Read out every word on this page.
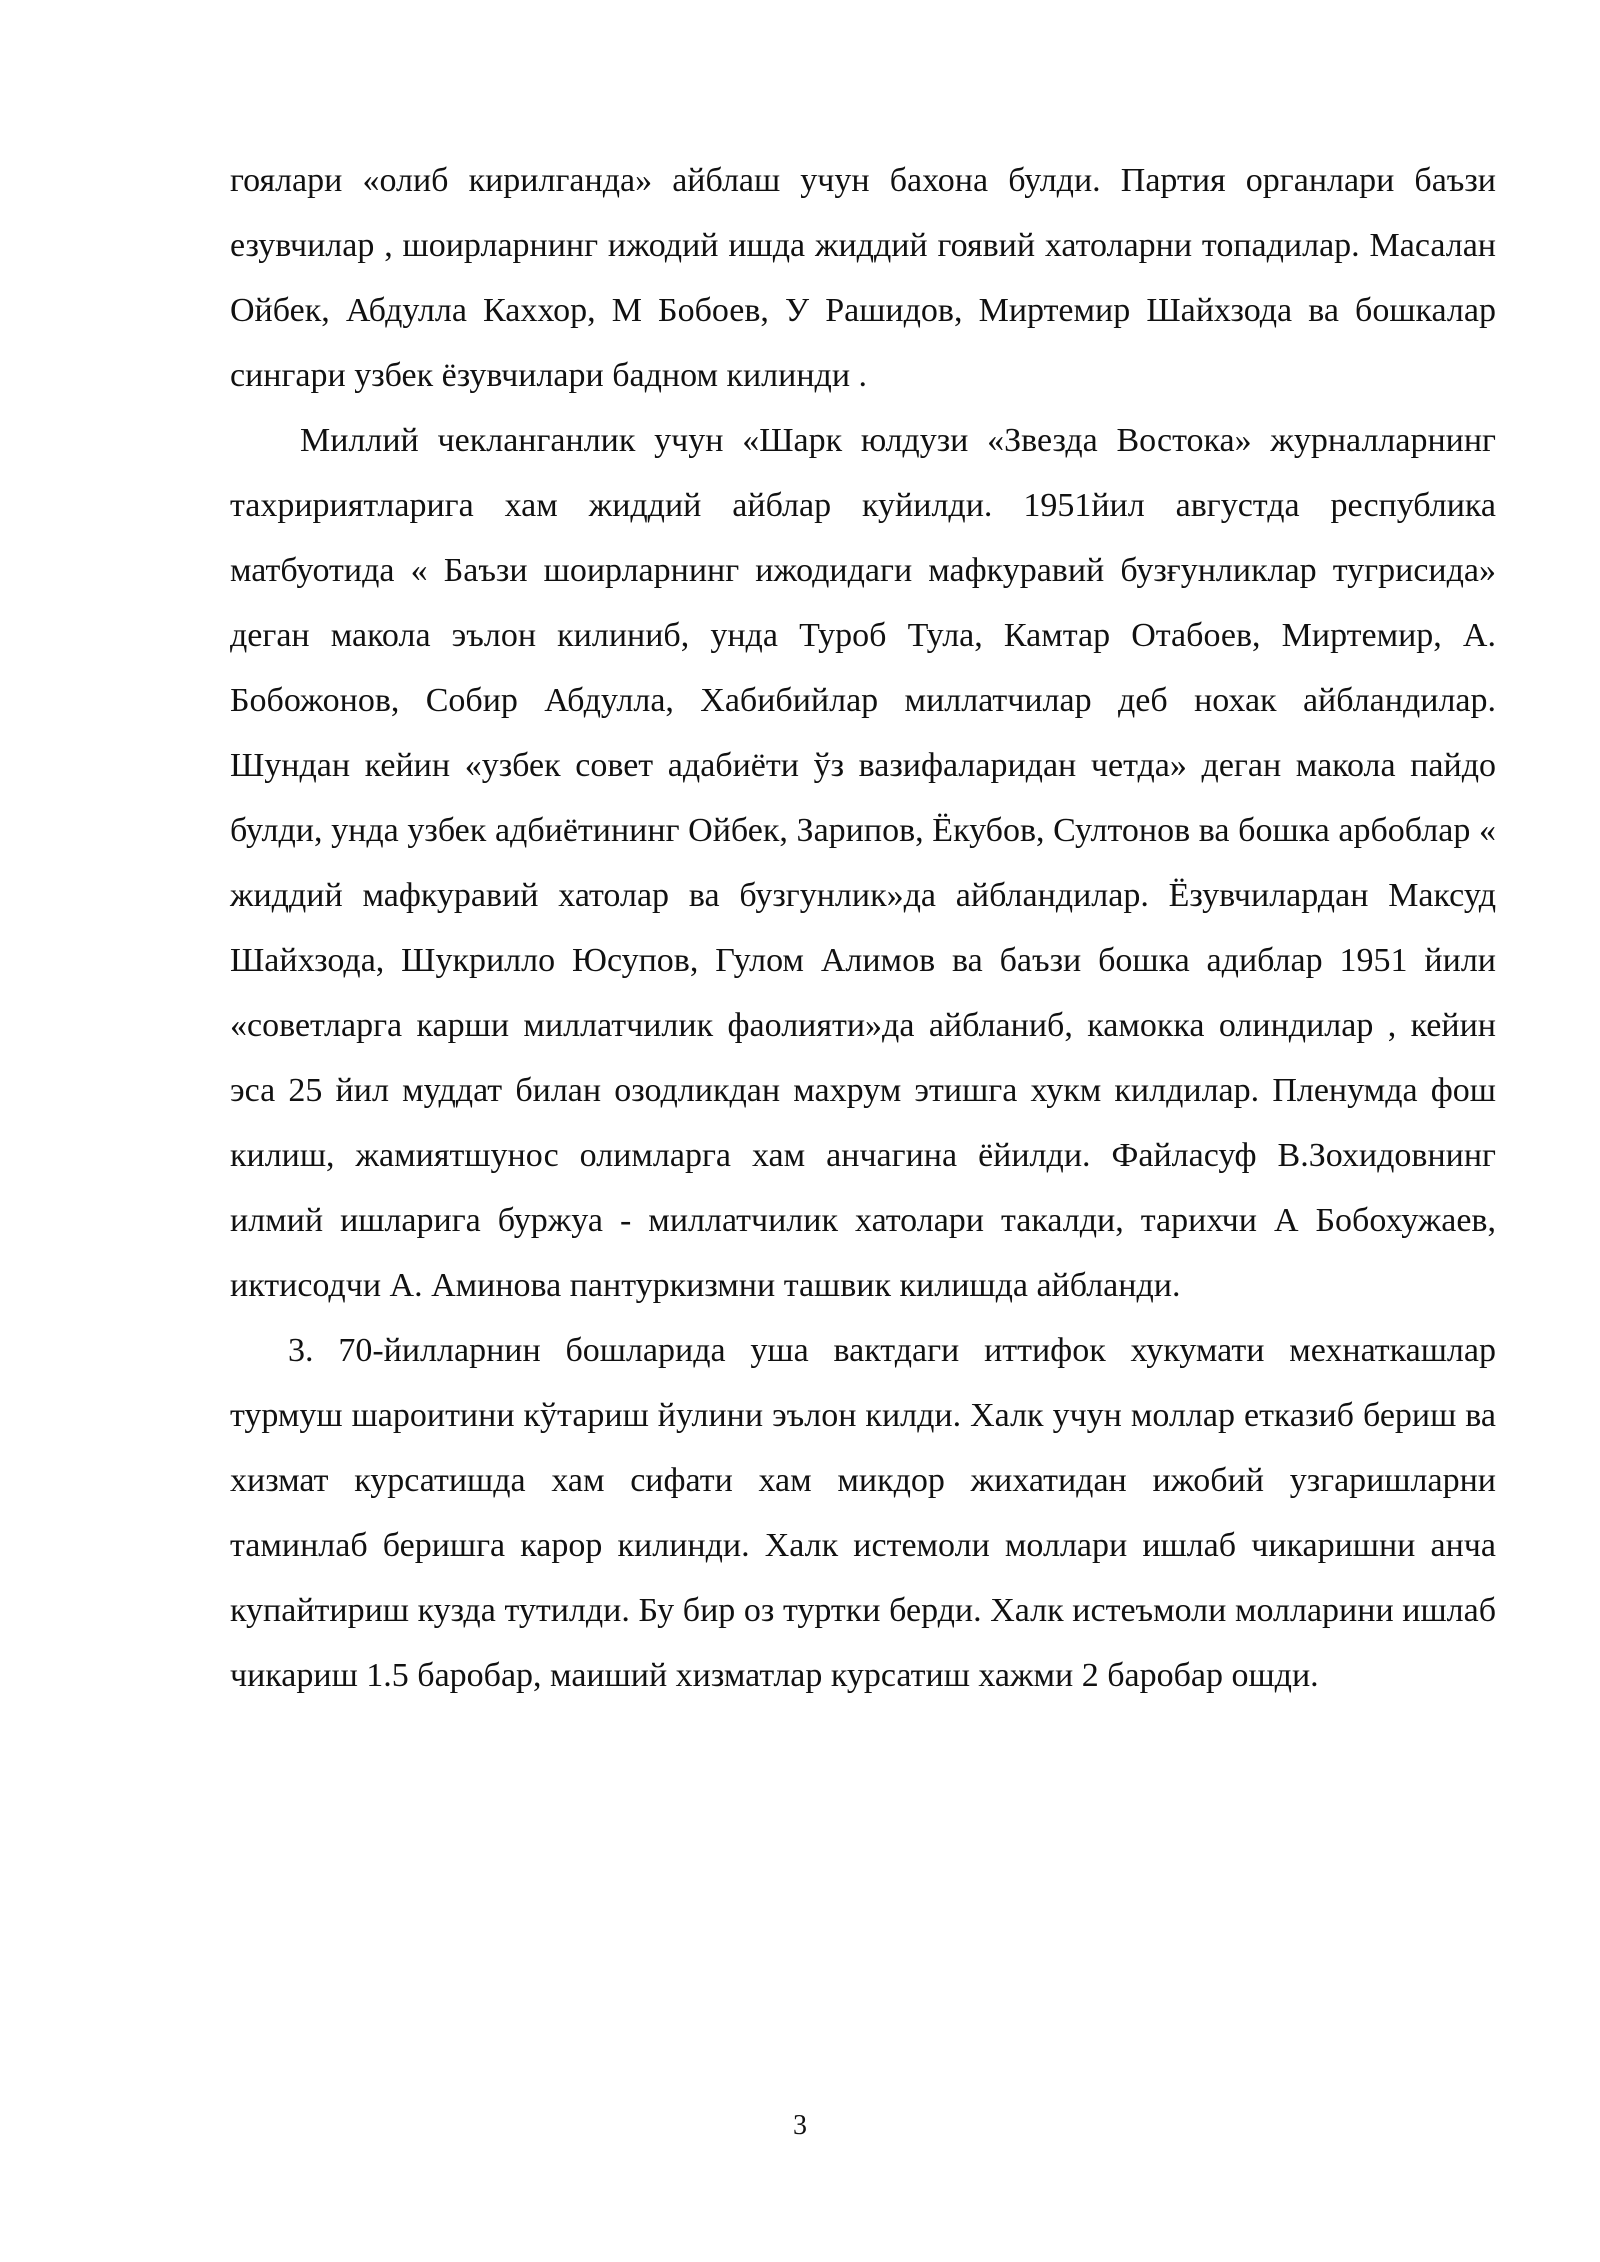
гоялари «олиб кирилганда» айблаш учун бахона булди. Партия органлари баъзи езувчилар , шоирларнинг ижодий ишда жиддий гоявий хатоларни топадилар. Масалан Ойбек, Абдулла Каххор, М Бобоев, У Рашидов, Миртемир Шайхзода ва бошкалар сингари узбек ёзувчилари бадном килинди .

Миллий чекланганлик учун «Шарк юлдузи «Звезда Востока» журналларнинг тахририятларига хам жиддий айблар куйилди. 1951йил августда республика матбуотида « Баъзи шоирларнинг ижодидаги мафкуравий бузғунликлар тугрисида» деган макола эълон килиниб, унда Туроб Тула, Камтар Отабоев, Миртемир, А. Бобожонов, Собир Абдулла, Хабибийлар миллатчилар деб нохак айбландилар. Шундан кейин «узбек совет адабиёти ўз вазифаларидан четда» деган макола пайдо булди, унда узбек адбиётининг Ойбек, Зарипов, Ёкубов, Султонов ва бошка арбоблар « жиддий мафкуравий хатолар ва бузгунлик»да айбландилар. Ёзувчилардан Максуд Шайхзода, Шукрилло Юсупов, Гулом Алимов ва баъзи бошка адиблар 1951 йили «советларга карши миллатчилик фаолияти»да айбланиб, камокка олиндилар , кейин эса 25 йил муддат билан озодликдан махрум этишга хукм килдилар. Пленумда фош килиш, жамиятшунос олимларга хам анчагина ёйилди. Файласуф В.Зохидовнинг илмий ишларига буржуа - миллатчилик хатолари такалди, тарихчи А Бобохужаев, иктисодчи А. Аминова пантуркизмни ташвик килишда айбланди.

3. 70-йилларнин бошларида уша вактдаги иттифок хукумати мехнаткашлар турмуш шароитини кўтариш йулини эълон килди. Халк учун моллар етказиб бериш ва хизмат курсатишда хам сифати хам микдор жихатидан ижобий узгаришларни таминлаб беришга карор килинди. Халк истемоли моллари ишлаб чикаришни анча купайтириш кузда тутилди. Бу бир оз туртки берди. Халк истеъмоли молларини ишлаб чикариш 1.5 баробар, маиший хизматлар курсатиш хажми 2 баробар ошди.

3
